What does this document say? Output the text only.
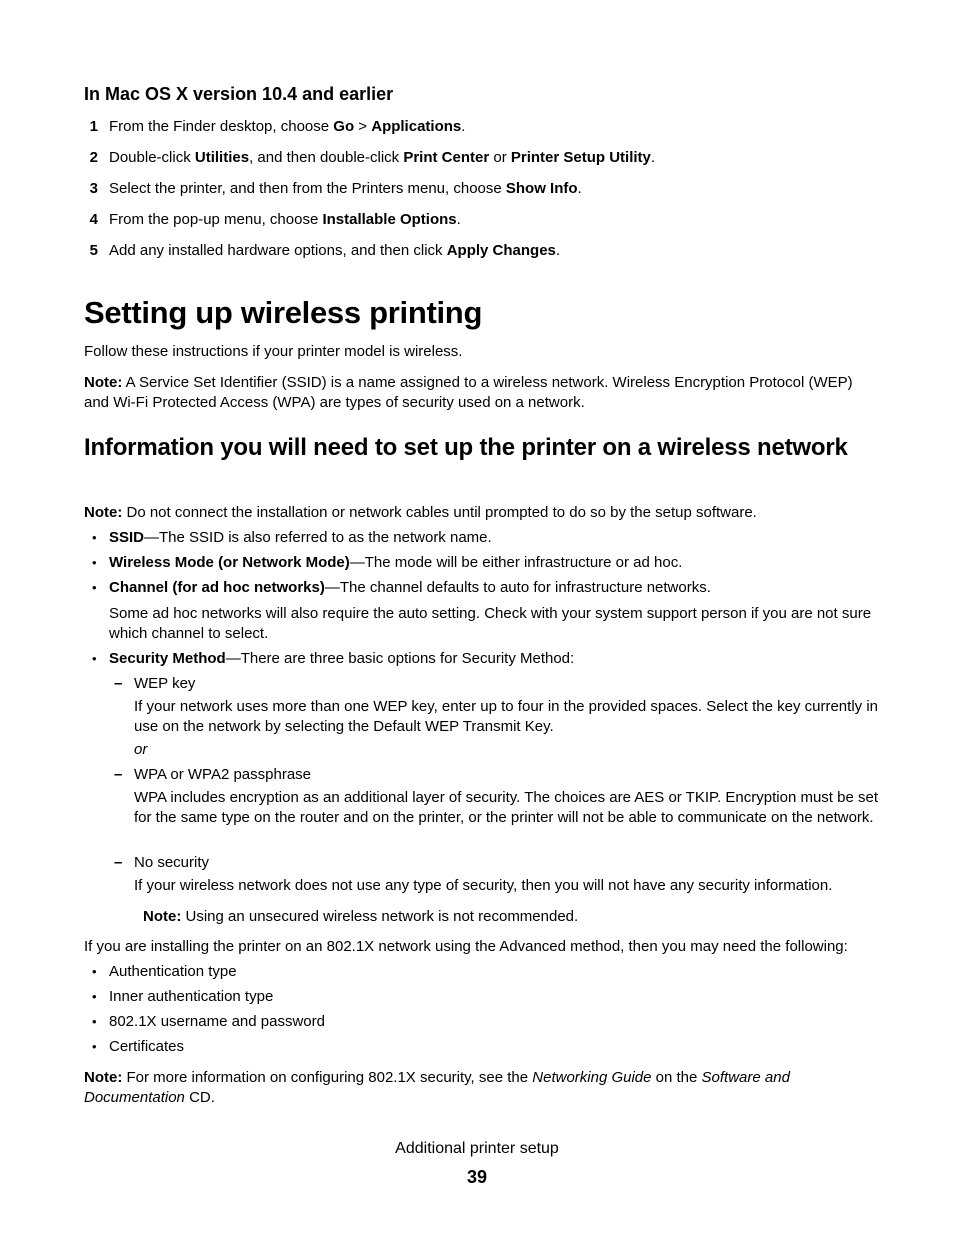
In Mac OS X version 10.4 and earlier
1 From the Finder desktop, choose Go > Applications.
2 Double-click Utilities, and then double-click Print Center or Printer Setup Utility.
3 Select the printer, and then from the Printers menu, choose Show Info.
4 From the pop-up menu, choose Installable Options.
5 Add any installed hardware options, and then click Apply Changes.
Setting up wireless printing
Follow these instructions if your printer model is wireless.
Note: A Service Set Identifier (SSID) is a name assigned to a wireless network. Wireless Encryption Protocol (WEP) and Wi-Fi Protected Access (WPA) are types of security used on a network.
Information you will need to set up the printer on a wireless network
Note: Do not connect the installation or network cables until prompted to do so by the setup software.
• SSID—The SSID is also referred to as the network name.
• Wireless Mode (or Network Mode)—The mode will be either infrastructure or ad hoc.
• Channel (for ad hoc networks)—The channel defaults to auto for infrastructure networks.
Some ad hoc networks will also require the auto setting. Check with your system support person if you are not sure which channel to select.
• Security Method—There are three basic options for Security Method:
– WEP key
If your network uses more than one WEP key, enter up to four in the provided spaces. Select the key currently in use on the network by selecting the Default WEP Transmit Key.
or
– WPA or WPA2 passphrase
WPA includes encryption as an additional layer of security. The choices are AES or TKIP. Encryption must be set for the same type on the router and on the printer, or the printer will not be able to communicate on the network.
– No security
If your wireless network does not use any type of security, then you will not have any security information.
Note: Using an unsecured wireless network is not recommended.
If you are installing the printer on an 802.1X network using the Advanced method, then you may need the following:
• Authentication type
• Inner authentication type
• 802.1X username and password
• Certificates
Note: For more information on configuring 802.1X security, see the Networking Guide on the Software and Documentation CD.
Additional printer setup
39
